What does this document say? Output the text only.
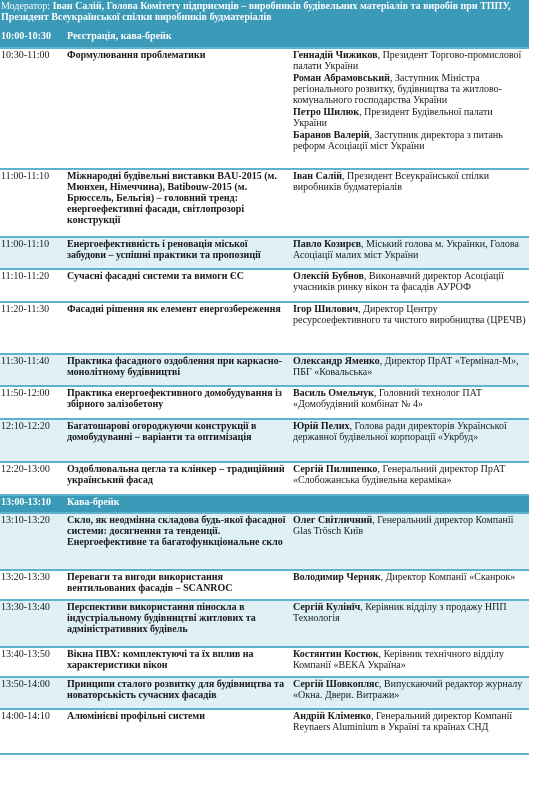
Модератор: Іван Салій, Голова Комітету підприємців – виробників будівельних матеріалів та виробів при ТППУ, Президент Всеукраїнської спілки виробників будматеріалів
10:00-10:30	Реєстрація, кава-брейк	
10:30-11:00	Формулювання проблематики	Геннадій Чижиков, Президент Торгово-промислової палати України
Роман Абрамовський, Заступник Міністра регіонального розвитку, будівництва та житлово-комунального господарства України
Петро Шилюк, Президент Будівельної палати України
Баранов Валерій, Заступник директора з питань реформ Асоціації міст України

11:00-11:10	Міжнародні будівельні виставки BAU-2015 (м. Мюнхен, Німеччина), Batibouw-2015 (м. Брюссель, Бельгія) – головний тренд: енергоефективні фасади, світлопрозорі конструкції	Іван Салій, Президент Всеукраїнської спілки виробників будматеріалів

11:00-11:10	Енергоефективність і реновація міської забудови – успішні практики та пропозиції	Павло Козирєв, Міський голова м. Українки, Голова Асоціації малих міст України

11:10-11:20	Сучасні фасадні системи та вимоги ЄС	Олексій Бубнов, Виконавчий директор Асоціації учасників ринку вікон та фасадів АУРОФ

11:20-11:30	Фасадні рішення як елемент енергозбереження	Ігор Шилович, Директор Центру ресурсоефективного та чистого виробництва (ЦРЕЧВ)

11:30-11:40	Практика фасадного оздоблення при каркасно-монолітному будівництві	Олександр Яменко, Директор ПрАТ «Термінал-М», ПБГ «Ковальська»

11:50-12:00	Практика енергоефективного домобудування із збірного залізобетону	Василь Омельчук, Головний технолог ПАТ «Домобудівний комбінат № 4»

12:10-12:20	Багатошарові огороджуючи конструкції в домобудуванні – варіанти та оптимізація	Юрій Пелих, Голова ради директорів Української державної будівельної корпорації «Укрбуд»

12:20-13:00	Оздоблювальна цегла та клінкер – традиційний український фасад	Сергій Пилипенко, Генеральний директор ПрАТ «Слобожанська будівельна кераміка»

13:00-13:10	Кава-брейк	
13:10-13:20	Скло, як неодмінна складова будь-якої фасадної системи: досягнення та тенденції. Енергоефективне та багатофункціональне скло	Олег Світличний, Генеральний директор Компанії Glas Trösch Київ

13:20-13:30	Переваги та вигоди використання вентильованих фасадів – SCANROC	Володимир Черняк, Директор Компанії «Сканрок»

13:30-13:40	Перспективи використання піноскла в індустріальному будівництві житлових та адміністративних будівель	Сергій Кулінїч, Керівник відділу з продажу НПП Технологія

13:40-13:50	Вікна ПВХ: комплектуючі та їх вплив на характеристики вікон	Костянтин Костюк, Керівник технічного відділу Компанії «ВЕКА Україна»

13:50-14:00	Принципи сталого розвитку для будівництва та новаторськість сучасних фасадів	Сергій Шовкопляс, Випускаючий редактор журналу «Окна. Двери. Витражи»

14:00-14:10	Алюмінієві профільні системи	Андрій Кліменко, Генеральний директор Компанії Reynaers Aluminium в Україні та країнах СНД
